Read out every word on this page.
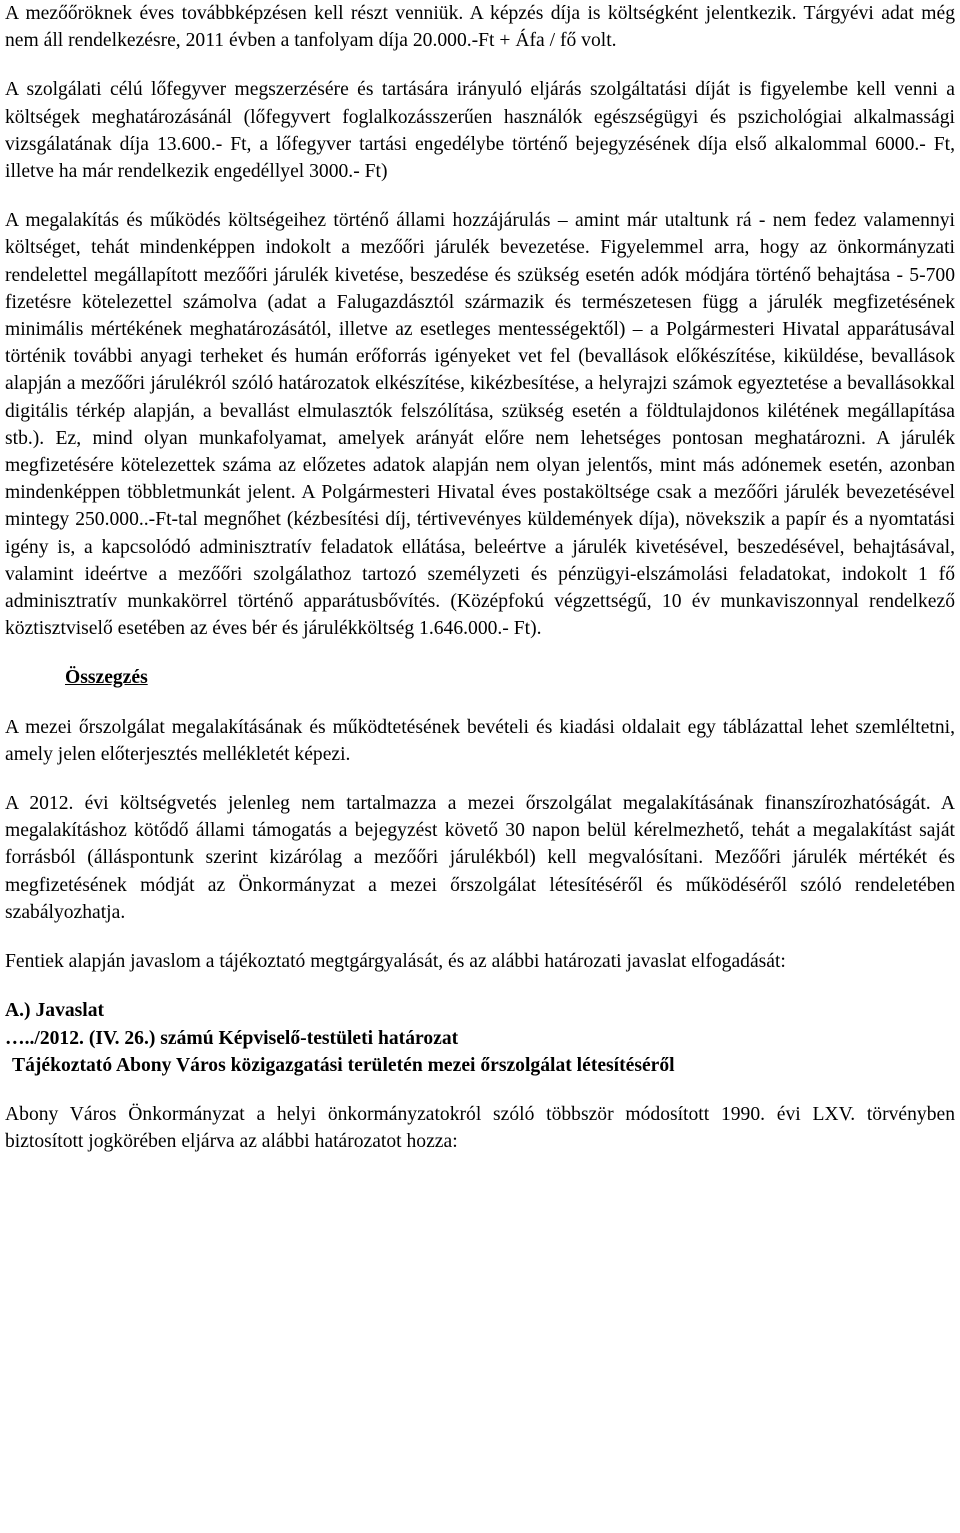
A mezőőröknek éves továbbképzésen kell részt venniük. A képzés díja is költségként jelentkezik. Tárgyévi adat még nem áll rendelkezésre, 2011 évben a tanfolyam díja 20.000.-Ft + Áfa / fő volt.

A szolgálati célú lőfegyver megszerzésére és tartására irányuló eljárás szolgáltatási díját is figyelembe kell venni a költségek meghatározásánál (lőfegyvert foglalkozásszerűen használók egészségügyi és pszichológiai alkalmassági vizsgálatának díja 13.600.- Ft, a lőfegyver tartási engedélybe történő bejegyzésének díja első alkalommal 6000.- Ft, illetve ha már rendelkezik engedéllyel 3000.- Ft)

A megalakítás és működés költségeihez történő állami hozzájárulás – amint már utaltunk rá - nem fedez valamennyi költséget, tehát mindenképpen indokolt a mezőőri járulék bevezetése. Figyelemmel arra, hogy az önkormányzati rendelettel megállapított mezőőri járulék kivetése, beszedése és szükség esetén adók módjára történő behajtása - 5-700 fizetésre kötelezettel számolva (adat a Falugazdásztól származik és természetesen függ a járulék megfizetésének minimális mértékének meghatározásától, illetve az esetleges mentességektől) – a Polgármesteri Hivatal apparátusával történik további anyagi terheket és humán erőforrás igényeket vet fel (bevallások előkészítése, kiküldése, bevallások alapján a mezőőri járulékról szóló határozatok elkészítése, kikézbesítése, a helyrajzi számok egyeztetése a bevallásokkal digitális térkép alapján, a bevallást elmulasztók felszólítása, szükség esetén a földtulajdonos kilétének megállapítása stb.). Ez, mind olyan munkafolyamat, amelyek arányát előre nem lehetséges pontosan meghatározni. A járulék megfizetésére kötelezettek száma az előzetes adatok alapján nem olyan jelentős, mint más adónemek esetén, azonban mindenképpen többletmunkát jelent. A Polgármesteri Hivatal éves postaköltsége csak a mezőőri járulék bevezetésével mintegy 250.000..-Ft-tal megnőhet (kézbesítési díj, tértivevényes küldemények díja), növekszik a papír és a nyomtatási igény is, a kapcsolódó adminisztratív feladatok ellátása, beleértve a járulék kivetésével, beszedésével, behajtásával, valamint ideértve a mezőőri szolgálathoz tartozó személyzeti és pénzügyi-elszámolási feladatokat, indokolt 1 fő adminisztratív munkakörrel történő apparátusbővítés. (Középfokú végzettségű, 10 év munkaviszonnyal rendelkező köztisztviselő esetében az éves bér és járulékköltség 1.646.000.- Ft).

Összegzés

A mezei őrszolgálat megalakításának és működtetésének bevételi és kiadási oldalait egy táblázattal lehet szemléltetni, amely jelen előterjesztés mellékletét képezi.

A 2012. évi költségvetés jelenleg nem tartalmazza a mezei őrszolgálat megalakításának finanszírozhatóságát. A megalakításhoz kötődő állami támogatás a bejegyzést követő 30 napon belül kérelmezhető, tehát a megalakítást saját forrásból (álláspontunk szerint kizárólag a mezőőri járulékból) kell megvalósítani. Mezőőri járulék mértékét és megfizetésének módját az Önkormányzat a mezei őrszolgálat létesítéséről és működéséről szóló rendeletében szabályozhatja.

Fentiek alapján javaslom a tájékoztató megtgárgyalását, és az alábbi határozati javaslat elfogadását:

A.) Javaslat

…../2012. (IV. 26.) számú Képviselő-testületi határozat

Tájékoztató Abony Város közigazgatási területén mezei őrszolgálat létesítéséről

Abony Város Önkormányzat a helyi önkormányzatokról szóló többször módosított 1990. évi LXV. törvényben biztosított jogkörében eljárva az alábbi határozatot hozza:
